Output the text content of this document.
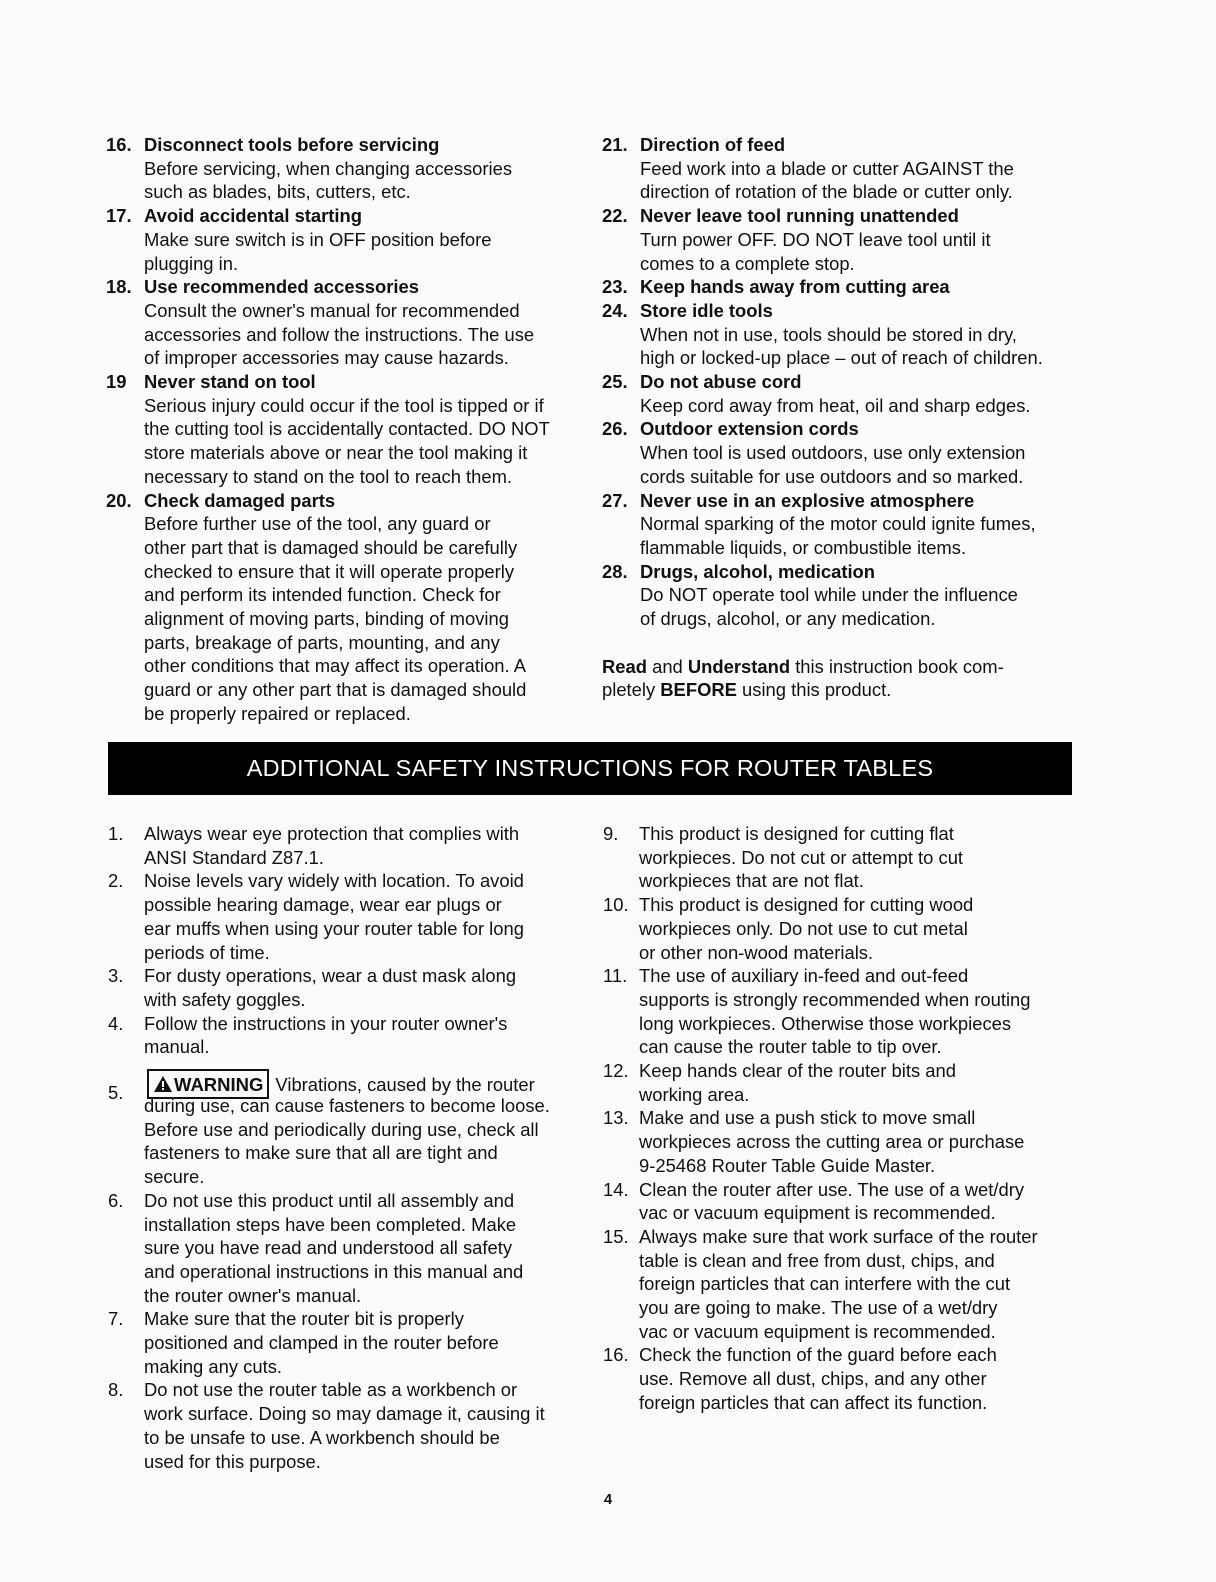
16. Disconnect tools before servicing
Before servicing, when changing accessories
such as blades, bits, cutters, etc.
17. Avoid accidental starting
Make sure switch is in OFF position before
plugging in.
18. Use recommended accessories
Consult the owner's manual for recommended
accessories and follow the instructions. The use
of improper accessories may cause hazards.
19 Never stand on tool
Serious injury could occur if the tool is tipped or if
the cutting tool is accidentally contacted. DO NOT
store materials above or near the tool making it
necessary to stand on the tool to reach them.
20. Check damaged parts
Before further use of the tool, any guard or
other part that is damaged should be carefully
checked to ensure that it will operate properly
and perform its intended function. Check for
alignment of moving parts, binding of moving
parts, breakage of parts, mounting, and any
other conditions that may affect its operation. A
guard or any other part that is damaged should
be properly repaired or replaced.
21. Direction of feed
Feed work into a blade or cutter AGAINST the
direction of rotation of the blade or cutter only.
22. Never leave tool running unattended
Turn power OFF. DO NOT leave tool until it
comes to a complete stop.
23. Keep hands away from cutting area
24. Store idle tools
When not in use, tools should be stored in dry,
high or locked-up place – out of reach of children.
25. Do not abuse cord
Keep cord away from heat, oil and sharp edges.
26. Outdoor extension cords
When tool is used outdoors, use only extension
cords suitable for use outdoors and so marked.
27. Never use in an explosive atmosphere
Normal sparking of the motor could ignite fumes,
flammable liquids, or combustible items.
28. Drugs, alcohol, medication
Do NOT operate tool while under the influence
of drugs, alcohol, or any medication.
Read and Understand this instruction book com-
pletely BEFORE using this product.
ADDITIONAL SAFETY INSTRUCTIONS FOR ROUTER TABLES
1. Always wear eye protection that complies with
ANSI Standard Z87.1.
2. Noise levels vary widely with location. To avoid
possible hearing damage, wear ear plugs or
ear muffs when using your router table for long
periods of time.
3. For dusty operations, wear a dust mask along
with safety goggles.
4. Follow the instructions in your router owner's
manual.
5.	WARNING Vibrations, caused by the router
during use, can cause fasteners to become loose.
Before use and periodically during use, check all
fasteners to make sure that all are tight and
secure.
6. Do not use this product until all assembly and
installation steps have been completed. Make
sure you have read and understood all safety
and operational instructions in this manual and
the router owner's manual.
7. Make sure that the router bit is properly
positioned and clamped in the router before
making any cuts.
8. Do not use the router table as a workbench or
work surface. Doing so may damage it, causing it
to be unsafe to use. A workbench should be
used for this purpose.
9. This product is designed for cutting flat
workpieces. Do not cut or attempt to cut
workpieces that are not flat.
10. This product is designed for cutting wood
workpieces only. Do not use to cut metal
or other non-wood materials.
11. The use of auxiliary in-feed and out-feed
supports is strongly recommended when routing
long workpieces. Otherwise those workpieces
can cause the router table to tip over.
12. Keep hands clear of the router bits and
working area.
13. Make and use a push stick to move small
workpieces across the cutting area or purchase
9-25468 Router Table Guide Master.
14. Clean the router after use. The use of a wet/dry
vac or vacuum equipment is recommended.
15. Always make sure that work surface of the router
table is clean and free from dust, chips, and
foreign particles that can interfere with the cut
you are going to make. The use of a wet/dry
vac or vacuum equipment is recommended.
16. Check the function of the guard before each
use. Remove all dust, chips, and any other
foreign particles that can affect its function.
4
